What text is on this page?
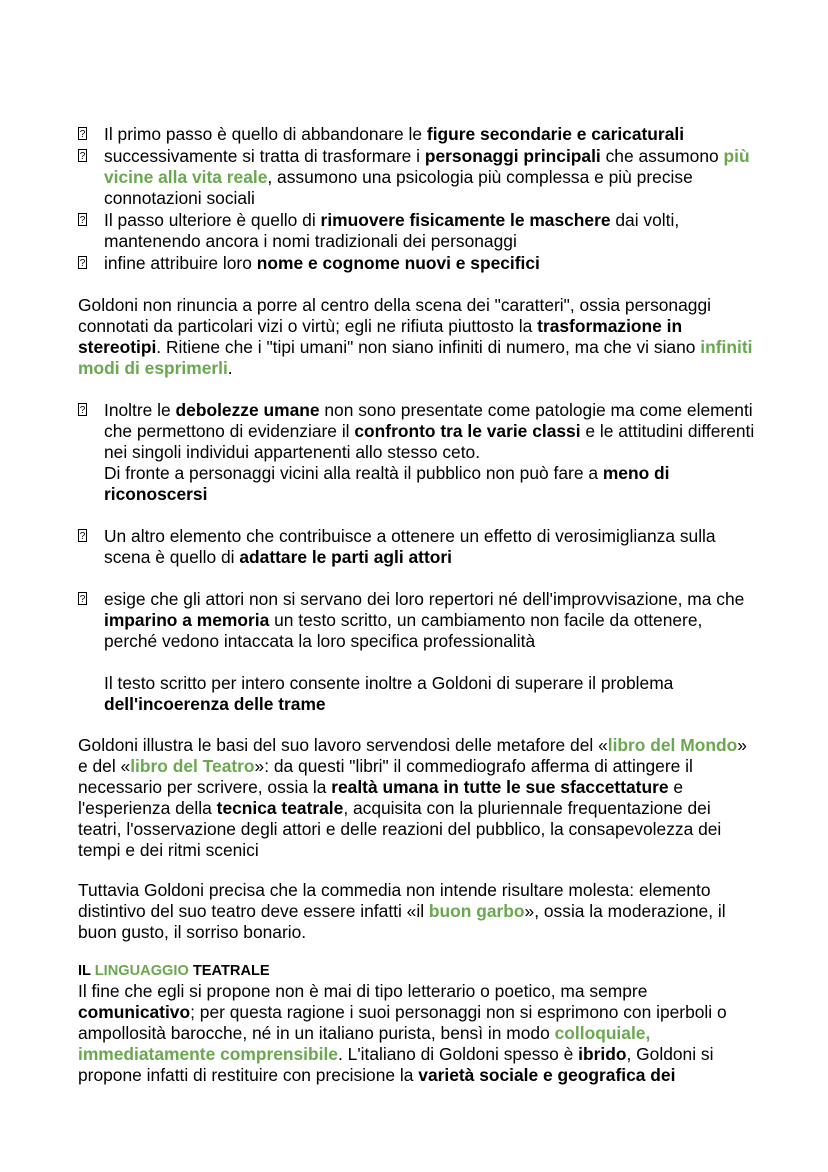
? Il primo passo è quello di abbandonare le figure secondarie e caricaturali
? successivamente si tratta di trasformare i personaggi principali che assumono più vicine alla vita reale, assumono una psicologia più complessa e più precise connotazioni sociali
? Il passo ulteriore è quello di rimuovere fisicamente le maschere dai volti, mantenendo ancora i nomi tradizionali dei personaggi
? infine attribuire loro nome e cognome nuovi e specifici
Goldoni non rinuncia a porre al centro della scena dei "caratteri", ossia personaggi connotati da particolari vizi o virtù; egli ne rifiuta piuttosto la trasformazione in stereotipi. Ritiene che i "tipi umani" non siano infiniti di numero, ma che vi siano infiniti modi di esprimerli.
? Inoltre le debolezze umane non sono presentate come patologie ma come elementi che permettono di evidenziare il confronto tra le varie classi e le attitudini differenti nei singoli individui appartenenti allo stesso ceto.
Di fronte a personaggi vicini alla realtà il pubblico non può fare a meno di riconoscersi
? Un altro elemento che contribuisce a ottenere un effetto di verosimiglianza sulla scena è quello di adattare le parti agli attori
? esige che gli attori non si servano dei loro repertori né dell'improvvisazione, ma che imparino a memoria un testo scritto, un cambiamento non facile da ottenere, perché vedono intaccata la loro specifica professionalità
Il testo scritto per intero consente inoltre a Goldoni di superare il problema dell'incoerenza delle trame
Goldoni illustra le basi del suo lavoro servendosi delle metafore del «libro del Mondo» e del «libro del Teatro»: da questi "libri" il commediografo afferma di attingere il necessario per scrivere, ossia la realtà umana in tutte le sue sfaccettature e l'esperienza della tecnica teatrale, acquisita con la pluriennale frequentazione dei teatri, l'osservazione degli attori e delle reazioni del pubblico, la consapevolezza dei tempi e dei ritmi scenici
Tuttavia Goldoni precisa che la commedia non intende risultare molesta: elemento distintivo del suo teatro deve essere infatti «il buon garbo», ossia la moderazione, il buon gusto, il sorriso bonario.
IL LINGUAGGIO TEATRALE
Il fine che egli si propone non è mai di tipo letterario o poetico, ma sempre comunicativo; per questa ragione i suoi personaggi non si esprimono con iperboli o ampollosità barocche, né in un italiano purista, bensì in modo colloquiale, immediatamente comprensibile. L'italiano di Goldoni spesso è ibrido, Goldoni si propone infatti di restituire con precisione la varietà sociale e geografica dei
